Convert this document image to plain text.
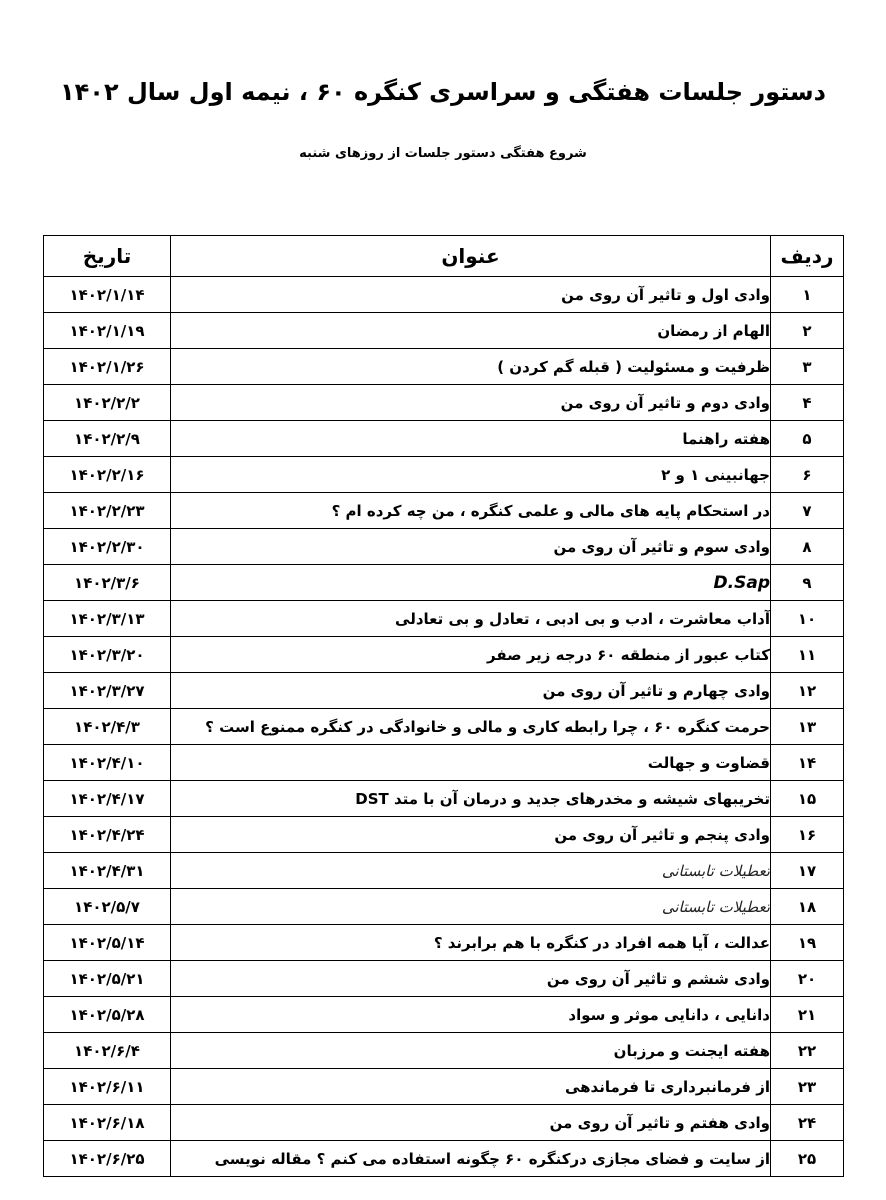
دستور جلسات هفتگی و سراسری کنگره ۶۰ ، نیمه اول سال ۱۴۰۲
شروع هفتگی دستور جلسات از روزهای شنبه
ردیف	عنوان	تاریخ
۱	وادی اول و تاثیر آن روی من	۱۴۰۲/۱/۱۴
۲	الهام از رمضان	۱۴۰۲/۱/۱۹
۳	ظرفیت و مسئولیت ( قبله گم کردن )	۱۴۰۲/۱/۲۶
۴	وادی دوم و تاثیر آن روی من	۱۴۰۲/۲/۲
۵	هفته راهنما	۱۴۰۲/۲/۹
۶	جهانبینی ۱ و ۲	۱۴۰۲/۲/۱۶
۷	در استحکام پایه های مالی و علمی کنگره ، من چه کرده ام ؟	۱۴۰۲/۲/۲۳
۸	وادی سوم و تاثیر آن روی من	۱۴۰۲/۲/۳۰
۹	D.Sap	۱۴۰۲/۳/۶
۱۰	آداب معاشرت ، ادب و بی ادبی ، تعادل و بی تعادلی	۱۴۰۲/۳/۱۳
۱۱	کتاب عبور از منطقه ۶۰ درجه زیر صفر	۱۴۰۲/۳/۲۰
۱۲	وادی چهارم و تاثیر آن روی من	۱۴۰۲/۳/۲۷
۱۳	حرمت کنگره ۶۰ ، چرا رابطه کاری و مالی و خانوادگی در کنگره ممنوع است ؟	۱۴۰۲/۴/۳
۱۴	قضاوت و جهالت	۱۴۰۲/۴/۱۰
۱۵	تخریبهای شیشه و مخدرهای جدید و درمان آن با متد DST	۱۴۰۲/۴/۱۷
۱۶	وادی پنجم و تاثیر آن روی من	۱۴۰۲/۴/۲۴
۱۷	تعطیلات تابستانی	۱۴۰۲/۴/۳۱
۱۸	تعطیلات تابستانی	۱۴۰۲/۵/۷
۱۹	عدالت ، آیا همه افراد در کنگره با هم برابرند ؟	۱۴۰۲/۵/۱۴
۲۰	وادی ششم و تاثیر آن روی من	۱۴۰۲/۵/۲۱
۲۱	دانایی ، دانایی موثر و سواد	۱۴۰۲/۵/۲۸
۲۲	هفته ایجنت و مرزبان	۱۴۰۲/۶/۴
۲۳	از فرمانبرداری تا فرماندهی	۱۴۰۲/۶/۱۱
۲۴	وادی هفتم و تاثیر آن روی من	۱۴۰۲/۶/۱۸
۲۵	از سایت و فضای مجازی درکنگره ۶۰ چگونه استفاده می کنم ؟ مقاله نویسی	۱۴۰۲/۶/۲۵
